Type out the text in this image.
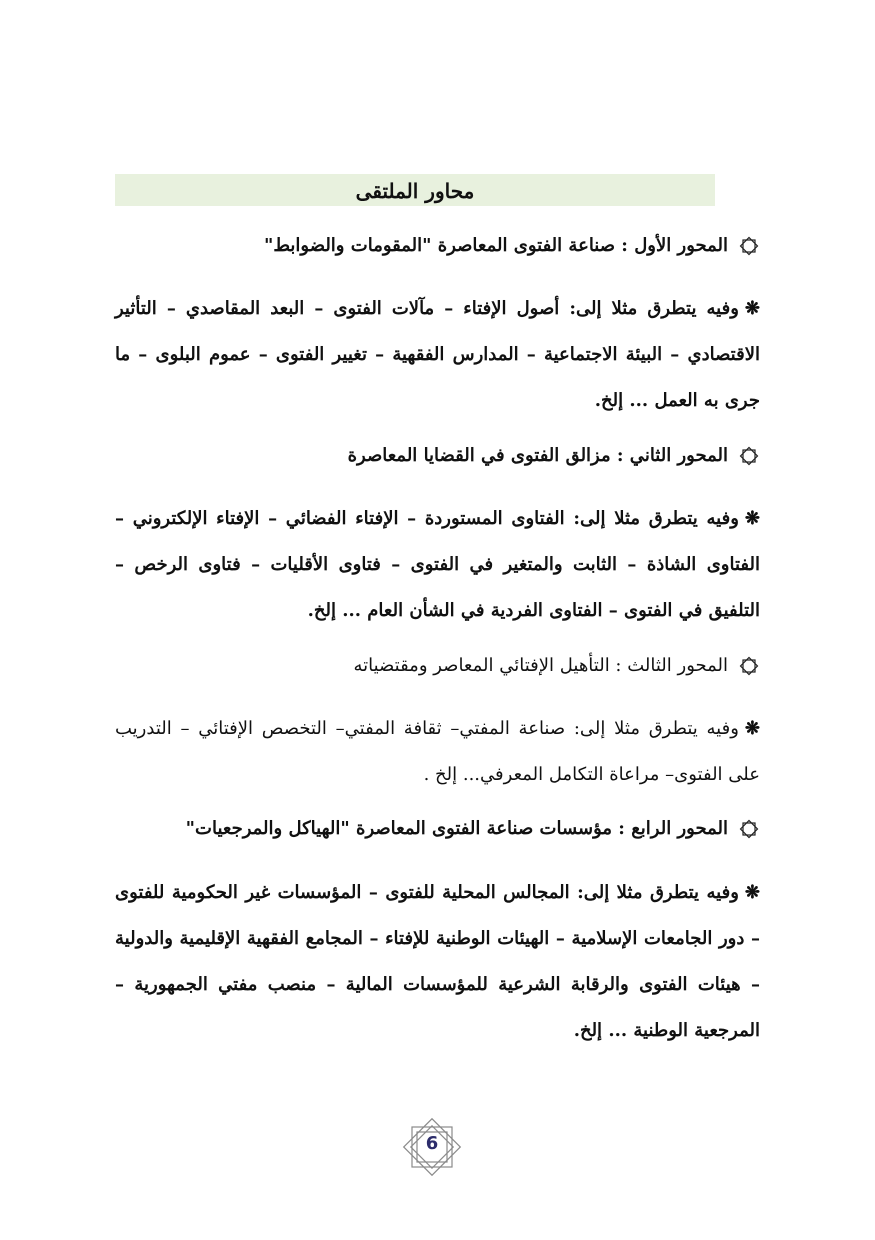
محاور الملتقى
المحور الأول : صناعة الفتوى المعاصرة "المقومات والضوابط"
❋وفيه يتطرق مثلا إلى: أصول الإفتاء – مآلات الفتوى – البعد المقاصدي – التأثير الاقتصادي – البيئة الاجتماعية – المدارس الفقهية – تغيير الفتوى – عموم البلوى – ما جرى به العمل ... إلخ.
المحور الثاني : مزالق الفتوى في القضايا المعاصرة
❋وفيه يتطرق مثلا إلى: الفتاوى المستوردة – الإفتاء الفضائي – الإفتاء الإلكتروني – الفتاوى الشاذة – الثابت والمتغير في الفتوى – فتاوى الأقليات – فتاوى الرخص – التلفيق في الفتوى – الفتاوى الفردية في الشأن العام ... إلخ.
المحور الثالث : التأهيل الإفتائي المعاصر ومقتضياته
❋وفيه يتطرق مثلا إلى: صناعة المفتي– ثقافة المفتي– التخصص الإفتائي – التدريب على الفتوى– مراعاة التكامل المعرفي... إلخ .
المحور الرابع : مؤسسات صناعة الفتوى المعاصرة "الهياكل والمرجعيات"
❋وفيه يتطرق مثلا إلى: المجالس المحلية للفتوى – المؤسسات غير الحكومية للفتوى – دور الجامعات الإسلامية – الهيئات الوطنية للإفتاء – المجامع الفقهية الإقليمية والدولية – هيئات الفتوى والرقابة الشرعية للمؤسسات المالية – منصب مفتي الجمهورية – المرجعية الوطنية ... إلخ.
6
